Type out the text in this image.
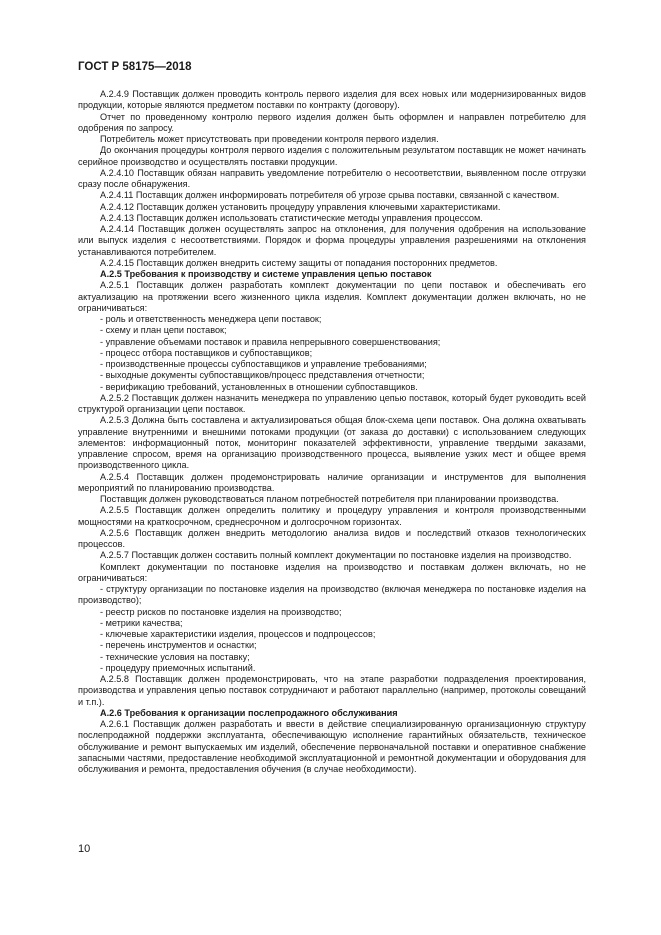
ГОСТ Р 58175—2018

А.2.4.9 Поставщик должен проводить контроль первого изделия для всех новых или модернизированных видов продукции, которые являются предметом поставки по контракту (договору).

Отчет по проведенному контролю первого изделия должен быть оформлен и направлен потребителю для одобрения по запросу.

Потребитель может присутствовать при проведении контроля первого изделия.

До окончания процедуры контроля первого изделия с положительным результатом поставщик не может начинать серийное производство и осуществлять поставки продукции.

А.2.4.10 Поставщик обязан направить уведомление потребителю о несоответствии, выявленном после отгрузки сразу после обнаружения.

А.2.4.11 Поставщик должен информировать потребителя об угрозе срыва поставки, связанной с качеством.

А.2.4.12 Поставщик должен установить процедуру управления ключевыми характеристиками.

А.2.4.13 Поставщик должен использовать статистические методы управления процессом.

А.2.4.14 Поставщик должен осуществлять запрос на отклонения, для получения одобрения на использование или выпуск изделия с несоответствиями. Порядок и форма процедуры управления разрешениями на отклонения устанавливаются потребителем.

А.2.4.15 Поставщик должен внедрить систему защиты от попадания посторонних предметов.

А.2.5 Требования к производству и системе управления цепью поставок

А.2.5.1 Поставщик должен разработать комплект документации по цепи поставок и обеспечивать его актуализацию на протяжении всего жизненного цикла изделия. Комплект документации должен включать, но не ограничиваться:

- роль и ответственность менеджера цепи поставок;

- схему и план цепи поставок;

- управление объемами поставок и правила непрерывного совершенствования;

- процесс отбора поставщиков и субпоставщиков;

- производственные процессы субпоставщиков и управление требованиями;

- выходные документы субпоставщиков/процесс представления отчетности;

- верификацию требований, установленных в отношении субпоставщиков.

А.2.5.2 Поставщик должен назначить менеджера по управлению цепью поставок, который будет руководить всей структурой организации цепи поставок.

А.2.5.3 Должна быть составлена и актуализироваться общая блок-схема цепи поставок. Она должна охватывать управление внутренними и внешними потоками продукции (от заказа до доставки) с использованием следующих элементов: информационный поток, мониторинг показателей эффективности, управление твердыми заказами, управление спросом, время на организацию производственного процесса, выявление узких мест и общее время производственного цикла.

А.2.5.4 Поставщик должен продемонстрировать наличие организации и инструментов для выполнения мероприятий по планированию производства.

Поставщик должен руководствоваться планом потребностей потребителя при планировании производства.

А.2.5.5 Поставщик должен определить политику и процедуру управления и контроля производственными мощностями на краткосрочном, среднесрочном и долгосрочном горизонтах.

А.2.5.6 Поставщик должен внедрить методологию анализа видов и последствий отказов технологических процессов.

А.2.5.7 Поставщик должен составить полный комплект документации по постановке изделия на производство.

Комплект документации по постановке изделия на производство и поставкам должен включать, но не ограничиваться:

- структуру организации по постановке изделия на производство (включая менеджера по постановке изделия на производство);

- реестр рисков по постановке изделия на производство;

- метрики качества;

- ключевые характеристики изделия, процессов и подпроцессов;

- перечень инструментов и оснастки;

- технические условия на поставку;

- процедуру приемочных испытаний.

А.2.5.8 Поставщик должен продемонстрировать, что на этапе разработки подразделения проектирования, производства и управления цепью поставок сотрудничают и работают параллельно (например, протоколы совещаний и т.п.).

А.2.6 Требования к организации послепродажного обслуживания

А.2.6.1 Поставщик должен разработать и ввести в действие специализированную организационную структуру послепродажной поддержки эксплуатанта, обеспечивающую исполнение гарантийных обязательств, техническое обслуживание и ремонт выпускаемых им изделий, обеспечение первоначальной поставки и оперативное снабжение запасными частями, предоставление необходимой эксплуатационной и ремонтной документации и оборудования для обслуживания и ремонта, предоставления обучения (в случае необходимости).

10
